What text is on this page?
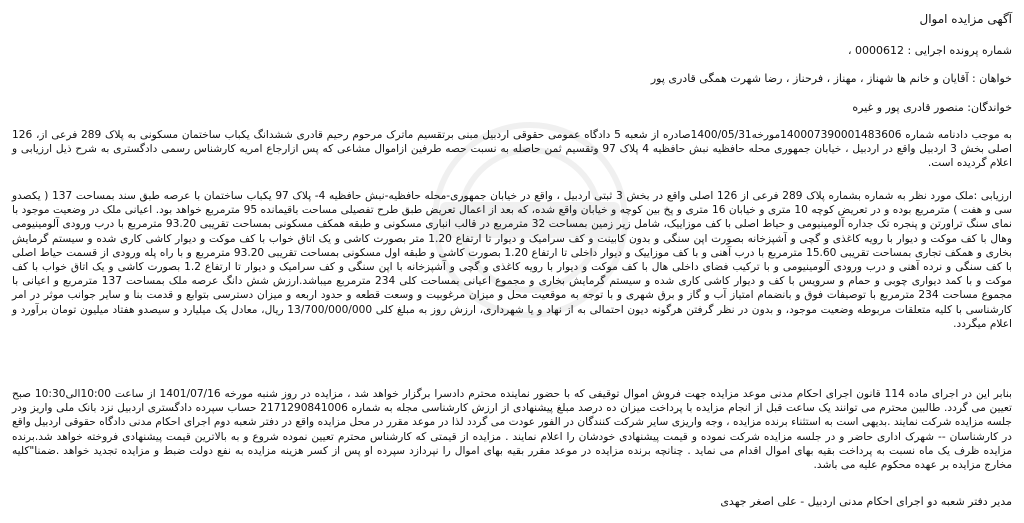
آگهی مزایده اموال
شماره پرونده اجرایی : 0000612 ،
خواهان : آقایان و خانم ها شهناز ، مهناز ، فرحناز ، رضا شهرت همگی قادری پور
خواندگان: منصور قادری پور و غیره
به موجب دادنامه شماره 140007390001483606مورخه1400/05/31صادره از شعبه 5 دادگاه عمومی حقوقی اردبیل مبنی برتقسیم ماترک مرحوم رحیم قادری ششدانگ یکباب ساختمان مسکونی به پلاک 289 فرعی از، 126 اصلی بخش 3 اردبیل واقع در اردبیل ، خیابان جمهوری محله حافظیه نبش حافظیه 4 پلاک 97 وتقسیم ثمن حاصله به نسبت حصه طرفین ازاموال مشاعی که پس ازارجاع امریه کارشناس رسمی دادگستری به شرح ذیل ارزیابی و اعلام گردیده است.
ارزیابی :ملک مورد نظر به شماره بشماره پلاک 289 فرعی از 126 اصلی واقع در بخش 3 ثبتی اردبیل ، واقع در خیابان جمهوری-محله حافظیه-نبش حافظیه 4- پلاک 97 یکباب ساختمان با عرصه طبق سند بمساحت 137 ( یکصدو سی و هفت ) مترمربع بوده و در تعریض کوچه 10 متری و خیابان 16 متری و پخ بین کوچه و خیابان واقع شده، که بعد از اعمال تعریض طبق طرح تفصیلی مساحت باقیمانده 95 مترمربع خواهد بود. اعیانی ملک در وضعیت موجود با نمای سنگ تراورتن و پنجره تک جداره آلومینیومی و حیاط اصلی با کف موزاییک، شامل زیر زمین بمساحت 32 مترمربع در قالب انباری مسکونی و طبقه همکف مسکونی بمساحت تقریبی 93.20 مترمربع با درب ورودی آلومینیومی وهال با کف موکت و دیوار با رویه کاغذی و گچی و آشپزخانه بصورت اپن سنگی و بدون کابینت و کف سرامیک و دیوار تا ارتفاع 1.20 متر بصورت کاشی و یک اتاق خواب با کف موکت و دیوار کاشی کاری شده و سیستم گرمایش بخاری و همکف تجاری بمساحت تقریبی 15.60 مترمربع با درب آهنی و با کف موزاییک و دیوار داخلی تا ارتفاع 1.20 بصورت کاشی و طبقه اول مسکونی بمساحت تقریبی 93.20 مترمربع و با راه پله ورودی از قسمت حیاط اصلی با کف سنگی و نرده آهنی و درب ورودی آلومینیومی و با ترکیب فضای داخلی هال با کف موکت و دیوار با رویه کاغذی و گچی و آشپزخانه با اپن سنگی و کف سرامیک و دیوار تا ارتفاع 1.2 بصورت کاشی و یک اتاق خواب با کف موکت و با کمد دیواری چوبی و حمام و سرویس با کف و دیوار کاشی کاری شده و سیستم گرمایش بخاری و مجموع اعیانی بمساحت کلی 234 مترمربع میباشد.ارزش شش دانگ عرصه ملک بمساحت 137 مترمربع و اعیانی با مجموع مساحت 234 مترمربع با توصیفات فوق و بانضمام امتیاز آب و گاز و برق شهری و با توجه به موقعیت محل و میزان مرغوبیت و وسعت قطعه و حدود اربعه و میزان دسترسی بتوابع و قدمت بنا و سایر جوانب موثر در امر کارشناسی با کلیه متعلقات مربوطه وضعیت موجود، و بدون در نظر گرفتن هرگونه دیون احتمالی به از نهاد و یا شهرداری، ارزش روز به مبلغ کلی 13/700/000/000 ریال، معادل یک میلیارد و سیصدو هفتاد میلیون تومان برآورد و اعلام میگردد.
بنابر این در اجرای ماده 114 قانون اجرای احکام مدنی موعد مزایده جهت فروش اموال توقیفی که با حضور نماینده محترم دادسرا برگزار خواهد شد ، مزایده در روز شنبه مورخه 1401/07/16 از ساعت 10:00الی10:30 صبح تعیین می گردد. طالبین محترم می توانند یک ساعت قبل از انجام مزایده با پرداخت میزان ده درصد مبلغ پیشنهادی از ارزش کارشناسی مجله به شماره 2171290841006 حساب سپرده دادگستری اردبیل نزد بانک ملی واریز ودر جلسه مزایده شرکت نمایند .بدیهی است به استثناء برنده مزایده ، وجه واریزی سایر شرکت کنندگان در الفور عودت می گردد لذا در موعد مقرر در محل مزایده واقع در دفتر شعبه دوم اجرای احکام مدنی دادگاه حقوقی اردبیل واقع در کارشناسان -- شهرک اداری حاضر و در جلسه مزایده شرکت نموده و قیمت پیشنهادی خودشان را اعلام نمایند . مزایده از قیمتی که کارشناس محترم تعیین نموده شروع و به بالاترین قیمت پیشنهادی فروخته خواهد شد.برنده مزایده ظرف یک ماه نسبت به پرداخت بقیه بهای اموال اقدام می نماید . چنانچه برنده مزایده در موعد مقرر بقیه بهای اموال را نپردازد سپرده او پس از کسر هزینه مزایده به نفع دولت ضبط و مزایده تجدید خواهد .ضمنا"کلیه مخارج مزایده بر عهده محکوم علیه می باشد.
مدیر دفتر شعبه دو اجرای احکام مدنی اردبیل - علی اصغر جهدی
